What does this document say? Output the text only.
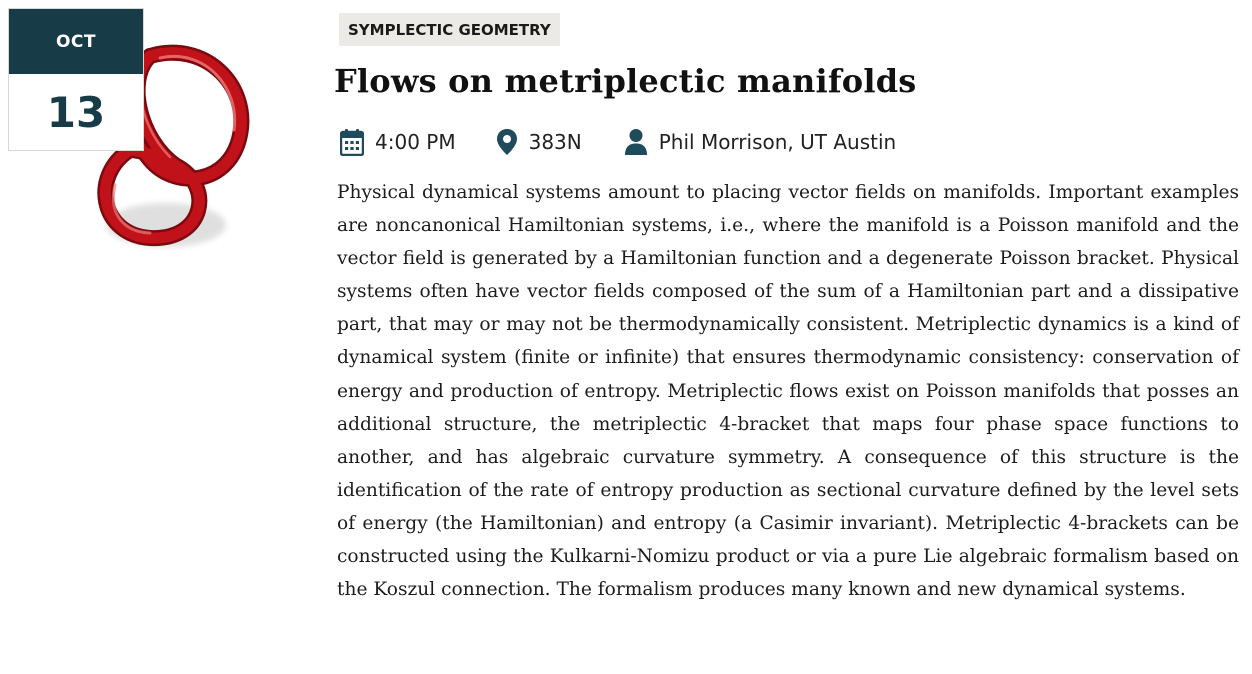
OCT
13
SYMPLECTIC GEOMETRY
Flows on metriplectic manifolds
4:00 PM	383N	Phil Morrison, UT Austin

Physical dynamical systems amount to placing vector fields on manifolds. Important examples are noncanonical Hamiltonian systems, i.e., where the manifold is a Poisson manifold and the vector field is generated by a Hamiltonian function and a degenerate Poisson bracket. Physical systems often have vector fields composed of the sum of a Hamiltonian part and a dissipative part, that may or may not be thermodynamically consistent. Metriplectic dynamics is a kind of dynamical system (finite or infinite) that ensures thermodynamic consistency: conservation of energy and production of entropy. Metriplectic flows exist on Poisson manifolds that posses an additional structure, the metriplectic 4-bracket that maps four phase space functions to another, and has algebraic curvature symmetry. A consequence of this structure is the identification of the rate of entropy production as sectional curvature defined by the level sets of energy (the Hamiltonian) and entropy (a Casimir invariant). Metriplectic 4-brackets can be constructed using the Kulkarni-Nomizu product or via a pure Lie algebraic formalism based on the Koszul connection. The formalism produces many known and new dynamical systems.
